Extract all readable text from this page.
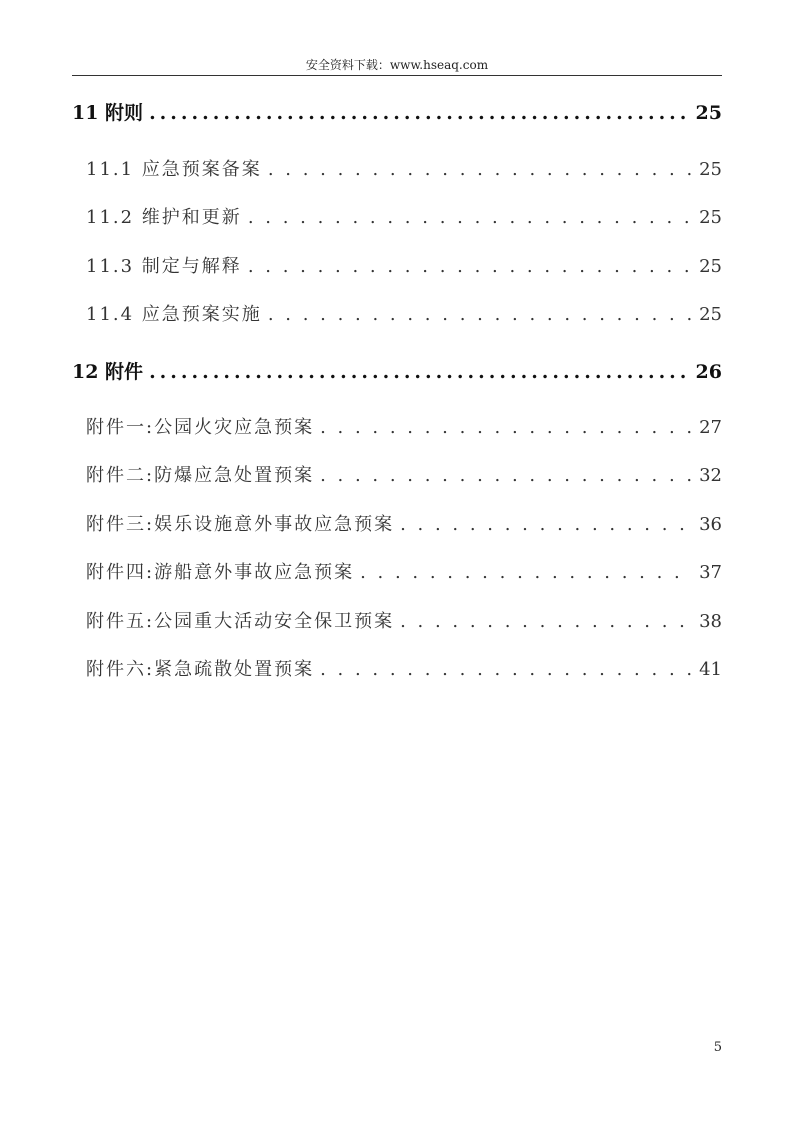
安全资料下载：www.hseaq.com
11 附则 .....	25
11.1 应急预案备案 . . .	25
11.2 维护和更新 . . .	25
11.3 制定与解释 . . .	25
11.4 应急预案实施 . . .	25
12 附件 .....	26
附件一:公园火灾应急预案 . . .	27
附件二:防爆应急处置预案 . . .	32
附件三:娱乐设施意外事故应急预案 . . .	36
附件四:游船意外事故应急预案 . . .	37
附件五:公园重大活动安全保卫预案 . . .	38
附件六:紧急疏散处置预案 . . .	41
5
